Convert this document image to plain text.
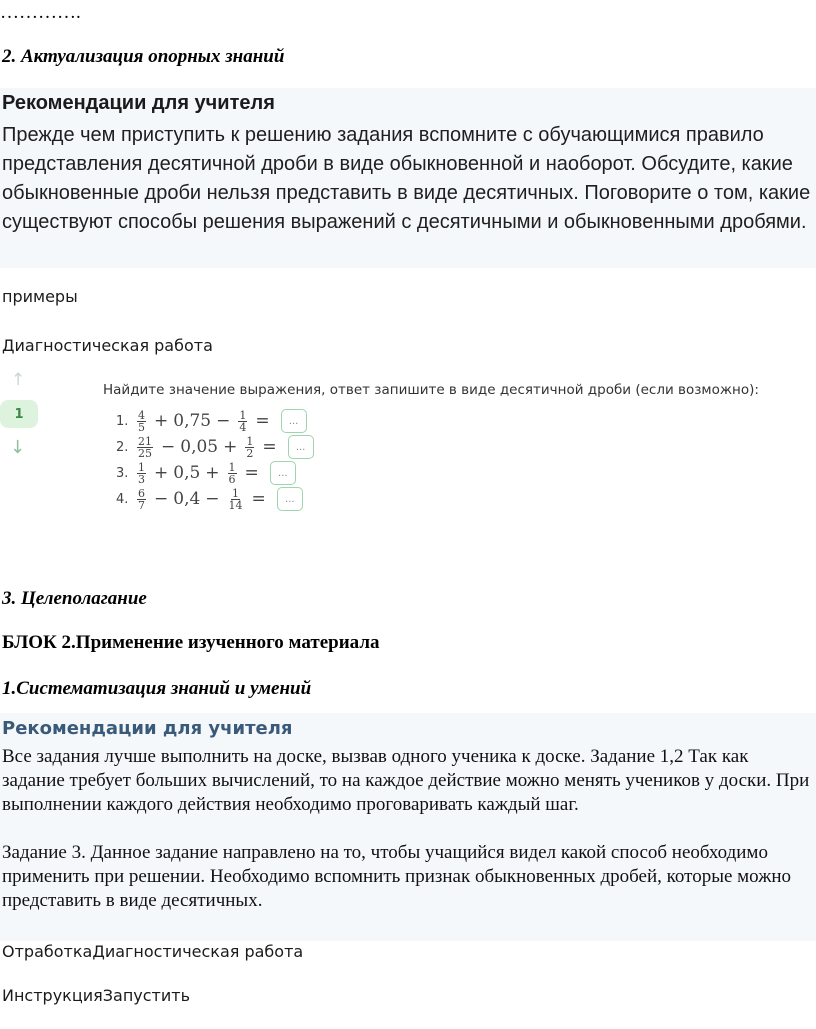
………….
2. Актуализация опорных знаний
Рекомендации для учителя
Прежде чем приступить к решению задания вспомните с обучающимися правило представления десятичной дроби в виде обыкновенной и наоборот. Обсудите, какие обыкновенные дроби нельзя представить в виде десятичных. Поговорите о том, какие существуют способы решения выражений с десятичными и обыкновенными дробями.
примеры
Диагностическая работа
↑
1
↓
Найдите значение выражения, ответ запишите в виде десятичной дроби (если возможно):
1. $\frac{4}{5} + 0,75 - \frac{1}{4}$ =	...
2. $\frac{21}{25} - 0,05 + \frac{1}{2}$ =	...
3. $\frac{1}{3} + 0,5 + \frac{1}{6}$ =	...
4. $\frac{6}{7} - 0,4 - \frac{1}{14}$ =	...
3. Целеполагание
БЛОК 2.Применение изученного материала
1.Систематизация знаний и умений
Рекомендации для учителя

Все задания лучше выполнить на доске, вызвав одного ученика к доске. Задание 1,2 Так как задание требует больших вычислений, то на каждое действие можно менять учеников у доски. При выполнении каждого действия необходимо проговаривать каждый шаг.

Задание 3. Данное задание направлено на то, чтобы учащийся видел какой способ необходимо применить при решении. Необходимо вспомнить признак обыкновенных дробей, которые можно представить в виде десятичных.

ОтработкаДиагностическая работа
ИнструкцияЗапустить
